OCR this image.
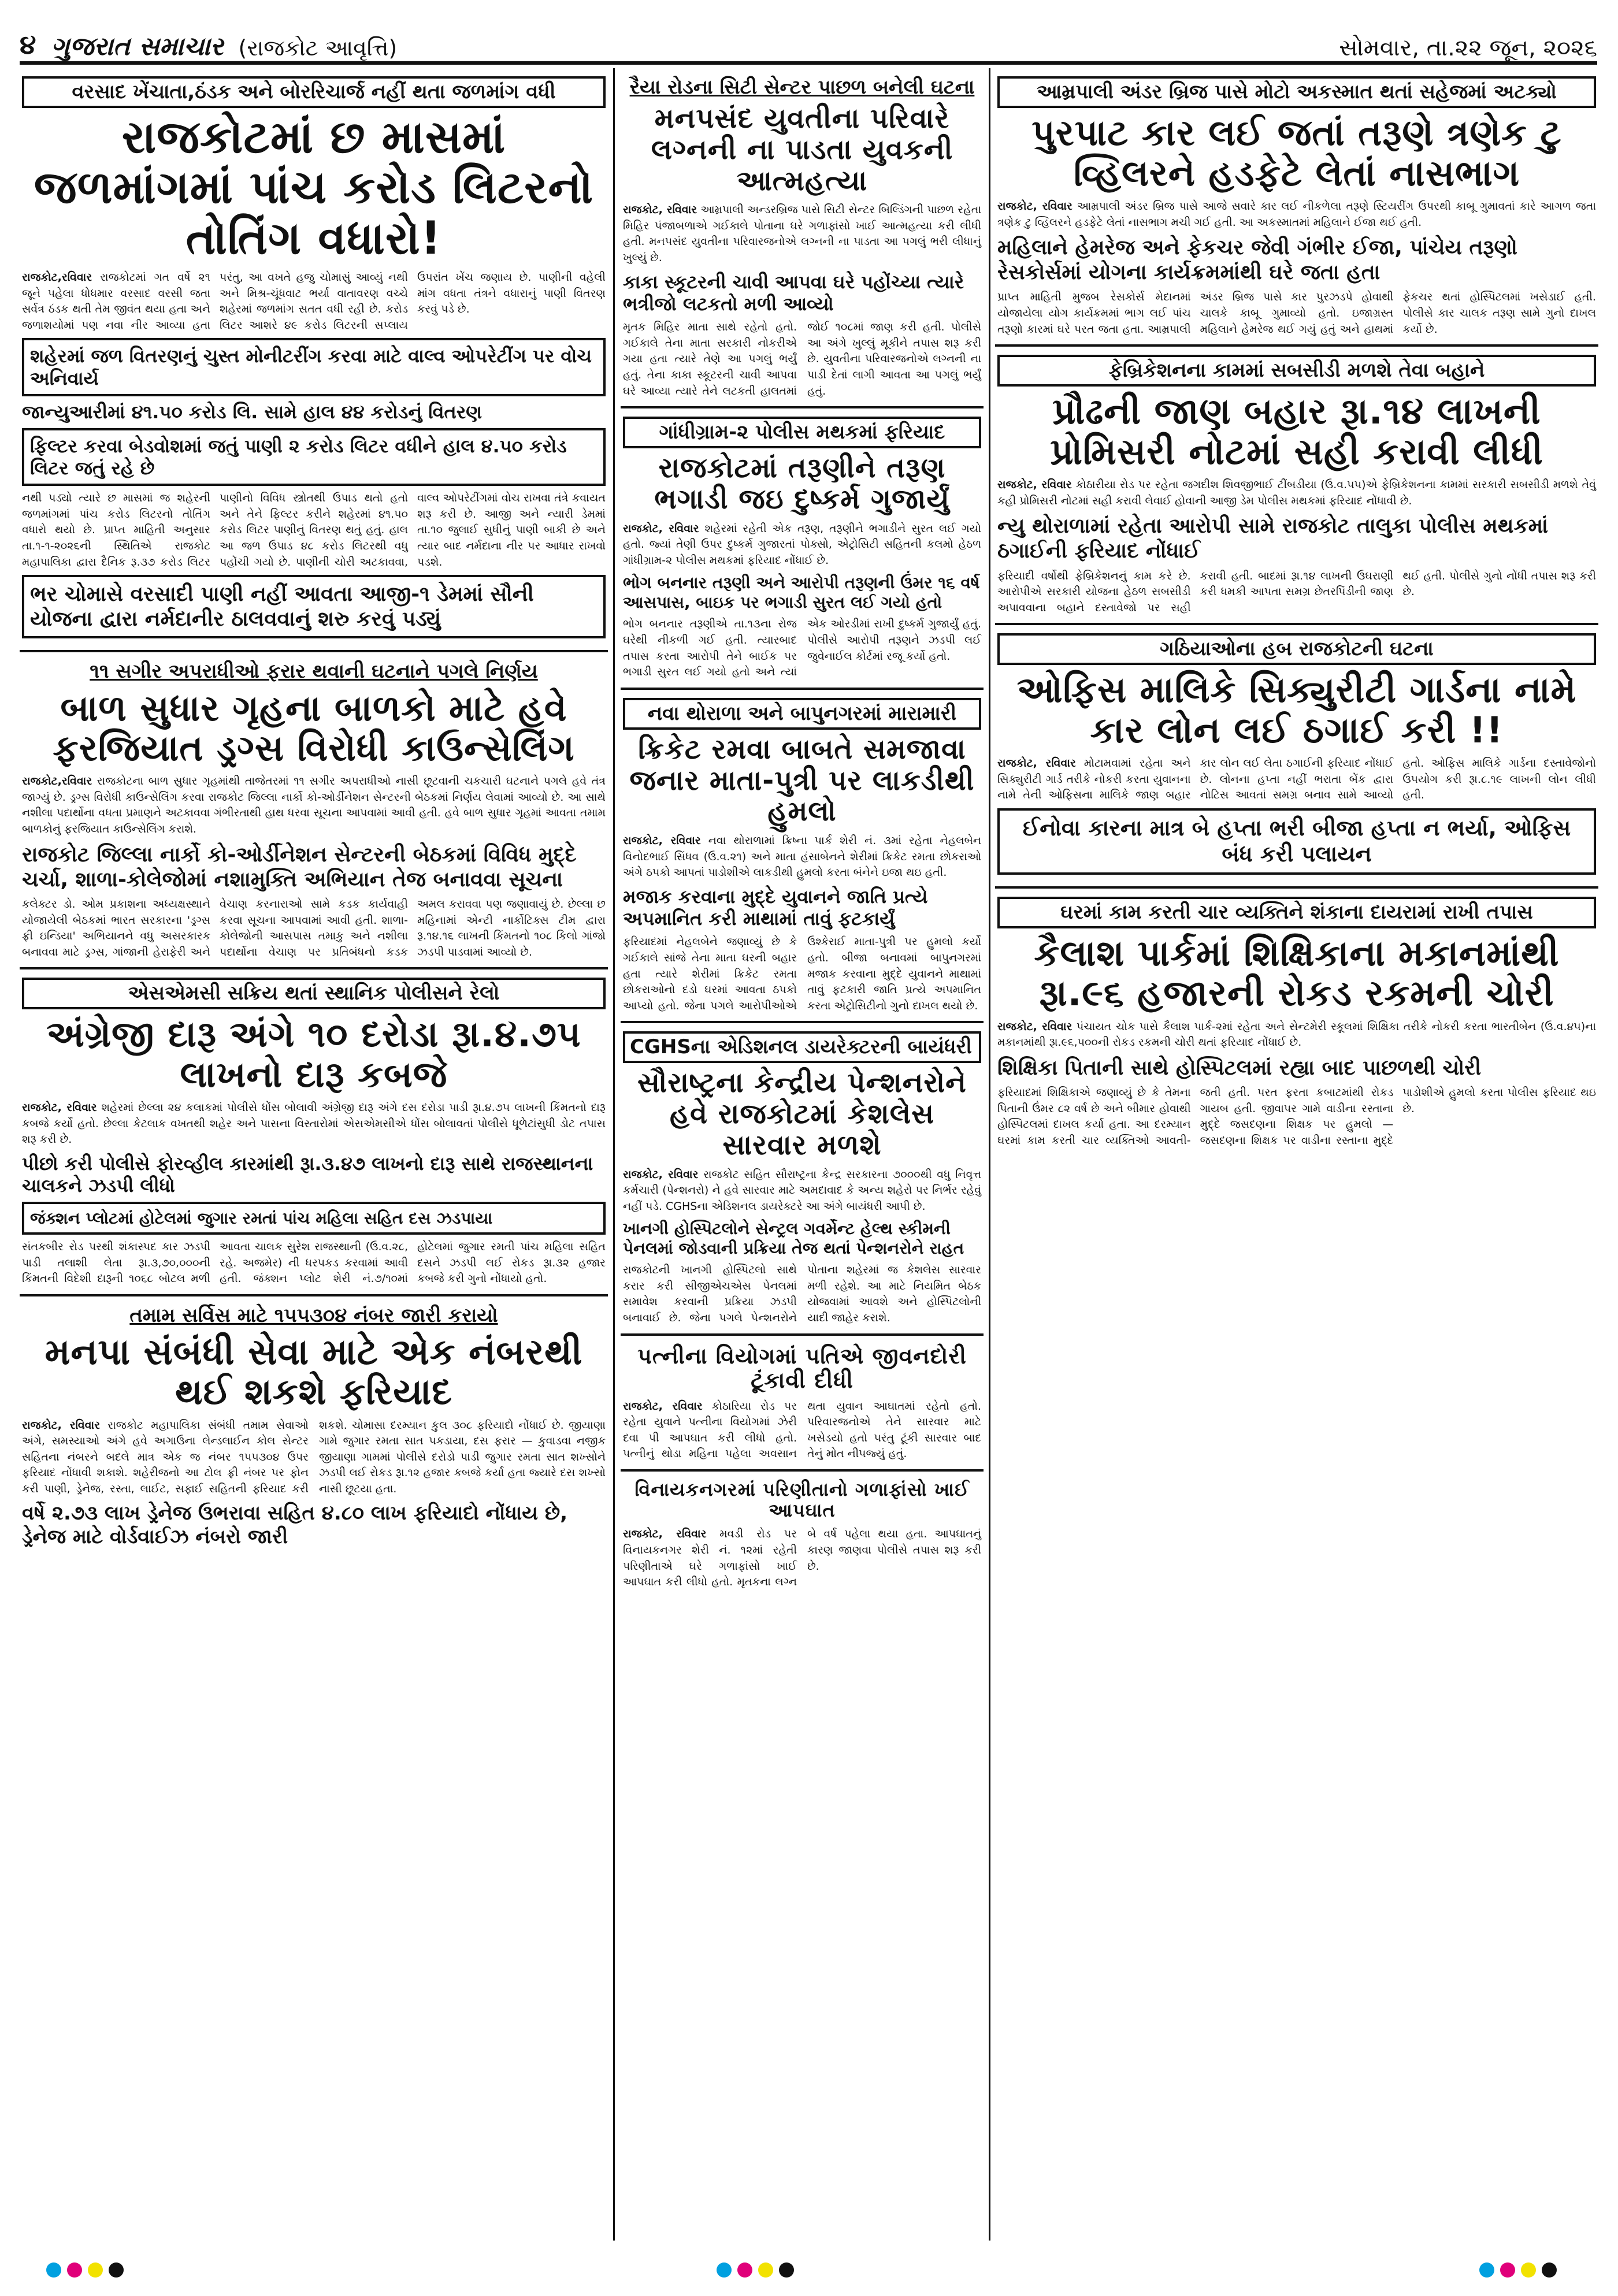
૪ ગુજરાત સમાચાર (રાજકોટ આવૃત્તિ)	સોમવાર, તા.૨૨ જૂન, ૨૦૨૬
વરસાદ ખેંચાતા,ઠંડક અને બોરરિચાર્જ નહીં થતા જળમાંગ વધી
રાજકોટમાં છ માસમાં જળમાંગમાં પાંચ કરોડ લિટરનો તોતિંગ વધારો!
રાજકોટ,રવિવાર રાજકોટમાં ગત વર્ષે ૨૧ જૂને પહેલા ધોધમાર વરસાદ વરસી જતા સર્વત્ર ઠંડક થતી તેમ જીવંત થયા હતા અને જળાશયોમાં પણ નવા નીર આવ્યા હતા પરંતુ, આ વખતે હજુ ચોમાસું આવ્યું નથી અને મિશ્ર-ચૂંધવાટ ભર્યા વાતાવરણ વચ્ચે શહેરમાં જળમાંગ સતત વધી રહી છે. કરોડ લિટર આશરે ૪૯ કરોડ લિટરની સપ્લાય ઉપરાંત ખેંચ જણાય છે. પાણીની વહેલી માંગ વધતા તંત્રને વધારાનું પાણી વિતરણ કરવું પડે છે.
શહેરમાં જળ વિતરણનું ચુસ્ત મોનીટરીંગ કરવા માટે વાલ્વ ઓપરેટીંગ પર વોચ અનિવાર્ય
જાન્યુઆરીમાં ૪૧.૫૦ કરોડ લિ. સામે હાલ ૪૪ કરોડનું વિતરણ
ફિલ્ટર કરવા બેડવોશમાં જતું પાણી ૨ કરોડ લિટર વધીને હાલ ૪.૫૦ કરોડ લિટર જતું રહે છે
નથી પડ્યો ત્યારે છ માસમાં જ શહેરની જળમાંગમાં પાંચ કરોડ લિટરનો તોતિંગ વધારો થયો છે. પ્રાપ્ત માહિતી અનુસાર તા.૧-૧-૨૦૨૬ની સ્થિતિએ રાજકોટ મહાપાલિકા દ્વારા દૈનિક રૂ.૩૭ કરોડ લિટર પાણીનો વિવિધ સ્ત્રોતથી ઉપાડ થતો હતો અને તેને ફિલ્ટર કરીને શહેરમાં ૪૧.૫૦ કરોડ લિટર પાણીનું વિતરણ થતું હતું. હાલ આ જળ ઉપાડ ૪૮ કરોડ લિટરથી વધુ પહોંચી ગયો છે. પાણીની ચોરી અટકાવવા, વાલ્વ ઓપરેટીંગમાં વોચ રાખવા તંત્રે કવાયત શરૂ કરી છે. આજી અને ન્યારી ડેમમાં તા.૧૦ જુલાઈ સુધીનું પાણી બાકી છે અને ત્યાર બાદ નર્મદાના નીર પર આધાર રાખવો પડશે.
ભર ચોમાસે વરસાદી પાણી નહીં આવતા આજી-૧ ડેમમાં સૌની યોજના દ્વારા નર્મદાનીર ઠાલવવાનું શરુ કરવું પડ્યું
૧૧ સગીર અપરાધીઓ ફરાર થવાની ઘટનાને પગલે નિર્ણય
બાળ સુધાર ગૃહના બાળકો માટે હવે ફરજિયાત ડ્રગ્સ વિરોધી કાઉન્સેલિંગ
રાજકોટ,રવિવાર રાજકોટના બાળ સુધાર ગૃહમાંથી તાજેતરમાં ૧૧ સગીર અપરાધીઓ નાસી છૂટવાની ચકચારી ઘટનાને પગલે હવે તંત્ર જાગ્યું છે. ડ્રગ્સ વિરોધી કાઉન્સેલિંગ કરવા રાજકોટ જિલ્લા નાર્કો કો-ઓર્ડીનેશન સેન્ટરની બેઠકમાં નિર્ણય લેવામાં આવ્યો છે. આ સાથે નશીલા પદાર્થોના વધતા પ્રમાણને અટકાવવા ગંભીરતાથી હાથ ધરવા સૂચના આપવામાં આવી હતી. હવે બાળ સુધાર ગૃહમાં આવતા તમામ બાળકોનું ફરજિયાત કાઉન્સેલિંગ કરાશે.
રાજકોટ જિલ્લા નાર્કો કો-ઓર્ડીનેશન સેન્ટરની બેઠકમાં વિવિધ મુદ્દે ચર્ચા, શાળા-કોલેજોમાં નશામુક્તિ અભિયાન તેજ બનાવવા સૂચના
કલેક્ટર ડો. ઓમ પ્રકાશના અધ્યક્ષસ્થાને યોજાયેલી બેઠકમાં ભારત સરકારના 'ડ્રગ્સ ફ્રી ઇન્ડિયા' અભિયાનને વધુ અસરકારક બનાવવા માટે ડ્રગ્સ, ગાંજાની હેરાફેરી અને વેચાણ કરનારાઓ સામે કડક કાર્યવાહી કરવા સૂચના આપવામાં આવી હતી. શાળા-કોલેજોની આસપાસ તમાકુ અને નશીલા પદાર્થોના વેચાણ પર પ્રતિબંધનો કડક અમલ કરાવવા પણ જણાવાયું છે. છેલ્લા છ મહિનામાં એન્ટી નાર્કોટિક્સ ટીમ દ્વારા રૂ.૧૪.૧૬ લાખની કિંમતનો ૧૦૮ કિલો ગાંજો ઝડપી પાડવામાં આવ્યો છે.
એસએમસી સક્રિય થતાં સ્થાનિક પોલીસને રેલો
અંગ્રેજી દારૂ અંગે ૧૦ દરોડા રૂા.૪.૭૫ લાખનો દારૂ કબજે
રાજકોટ, રવિવાર શહેરમાં છેલ્લા ૨૪ કલાકમાં પોલીસે ધોંસ બોલાવી અંગ્રેજી દારૂ અંગે દસ દરોડા પાડી રૂા.૪.૭૫ લાખની કિંમતનો દારૂ કબજે કર્યો હતો. છેલ્લા કેટલાક વખતથી શહેર અને પાસના વિસ્તારોમાં એસએમસીએ ધોંસ બોલાવતાં પોલીસે ધૂળેટાંસુધી ડોટ તપાસ શરૂ કરી છે.
પીછો કરી પોલીસે ફોરવ્હીલ કારમાંથી રૂા.૩.૪૭ લાખનો દારૂ સાથે રાજસ્થાનના ચાલકને ઝડપી લીધો
જંક્શન પ્લોટમાં હોટેલમાં જુગાર રમતાં પાંચ મહિલા સહિત દસ ઝડપાયા
સંતકબીર રોડ પરથી શંકાસ્પદ કાર ઝડપી પાડી તલાશી લેતા રૂા.૩,૭૦,૦૦૦ની કિંમતની વિદેશી દારૂની ૧૦૬૮ બોટલ મળી આવતા ચાલક સુરેશ રાજસ્થાની (ઉ.વ.૨૮, રહે. અજમેર) ની ધરપકડ કરવામાં આવી હતી. જંક્શન પ્લોટ શેરી નં.૭/૧૦માં હોટેલમાં જુગાર રમતી પાંચ મહિલા સહિત દસને ઝડપી લઈ રોકડ રૂા.૩૨ હજાર કબજે કરી ગુનો નોંધાયો હતો.
તમામ સર્વિસ માટે ૧૫૫૩૦૪ નંબર જારી કરાયો
મનપા સંબંધી સેવા માટે એક નંબરથી થઈ શકશે ફરિયાદ
રાજકોટ, રવિવાર રાજકોટ મહાપાલિકા સંબંધી તમામ સેવાઓ અંગે, સમસ્યાઓ અંગે હવે અગાઉના લેન્ડલાઈન કોલ સેન્ટર સહિતના નંબરને બદલે માત્ર એક જ નંબર ૧૫૫૩૦૪ ઉપર ફરિયાદ નોંધાવી શકાશે. શહેરીજનો આ ટોલ ફ્રી નંબર પર ફોન કરી પાણી, ડ્રેનેજ, રસ્તા, લાઈટ, સફાઈ સહિતની ફરિયાદ કરી શકશે. ચોમાસા દરમ્યાન કુલ ૩૦૮ ફરિયાદો નોંધાઈ છે. જીયાણા ગામે જુગાર રમતા સાત પકડાયા, દસ ફરાર — કુવાડવા નજીક જીયાણા ગામમાં પોલીસે દરોડો પાડી જુગાર રમતા સાત શખ્સોને ઝડપી લઈ રોકડ રૂા.૧૨ હજાર કબજે કર્યા હતા જ્યારે દસ શખ્સો નાસી છૂટયા હતા.
વર્ષે ૨.૭૩ લાખ ડ્રેનેજ ઉભરાવા સહિત ૪.૮૦ લાખ ફરિયાદો નોંધાય છે, ડ્રેનેજ માટે વોર્ડવાઈઝ નંબરો જારી
રૈયા રોડના સિટી સેન્ટર પાછળ બનેલી ઘટના
મનપસંદ યુવતીના પરિવારે લગ્નની ના પાડતા યુવકની આત્મહત્યા
રાજકોટ, રવિવાર આમ્રપાલી અન્ડરબ્રિજ પાસે સિટી સેન્ટર બિલ્ડિંગની પાછળ રહેતા મિહિર પંજાબળાએ ગઈકાલે પોતાના ઘરે ગળાફાંસો ખાઈ આત્મહત્યા કરી લીધી હતી. મનપસંદ યુવતીના પરિવારજનોએ લગ્નની ના પાડતા આ પગલું ભરી લીધાનું ખુલ્યું છે.
કાકા સ્કૂટરની ચાવી આપવા ઘરે પહોંચ્યા ત્યારે ભત્રીજો લટકતો મળી આવ્યો
મૃતક મિહિર માતા સાથે રહેતો હતો. ગઈકાલે તેના માતા સરકારી નોકરીએ ગયા હતા ત્યારે તેણે આ પગલું ભર્યું હતું. તેના કાકા સ્કૂટરની ચાવી આપવા ઘરે આવ્યા ત્યારે તેને લટકતી હાલતમાં જોઈ ૧૦૮માં જાણ કરી હતી. પોલીસે આ અંગે ખુલ્લું મૂકીને તપાસ શરૂ કરી છે. યુવતીના પરિવારજનોએ લગ્નની ના પાડી દેતાં લાગી આવતા આ પગલું ભર્યું હતું.
ગાંધીગ્રામ-૨ પોલીસ મથકમાં ફરિયાદ
રાજકોટમાં તરૂણીને તરૂણ ભગાડી જઇ દુષ્કર્મ ગુજાર્યું
રાજકોટ, રવિવાર શહેરમાં રહેતી એક તરૂણ, તરૂણીને ભગાડીને સુરત લઈ ગયો હતો. જ્યાં તેણી ઉપર દુષ્કર્મ ગુજારતાં પોક્સો, એટ્રોસિટી સહિતની કલમો હેઠળ ગાંધીગ્રામ-૨ પોલીસ મથકમાં ફરિયાદ નોંધાઈ છે.
ભોગ બનનાર તરૂણી અને આરોપી તરૂણની ઉંમર ૧૬ વર્ષ આસપાસ, બાઇક પર ભગાડી સુરત લઈ ગયો હતો
ભોગ બનનાર તરૂણીએ તા.૧૩ના રોજ ઘરેથી નીકળી ગઈ હતી. ત્યારબાદ તપાસ કરતા આરોપી તેને બાઈક પર ભગાડી સુરત લઈ ગયો હતો અને ત્યાં એક ઓરડીમાં રાખી દુષ્કર્મ ગુજાર્યું હતું. પોલીસે આરોપી તરૂણને ઝડપી લઈ જુવેનાઈલ કોર્ટમાં રજૂ કર્યો હતો.
નવા થોરાળા અને બાપુનગરમાં મારામારી
ક્રિકેટ રમવા બાબતે સમજાવા જનાર માતા-પુત્રી પર લાકડીથી હુમલો
રાજકોટ, રવિવાર નવા થોરાળામાં ક્રિષ્ના પાર્ક શેરી નં. ૩માં રહેતા નેહલબેન વિનોદભાઈ સિંધવ (ઉ.વ.૨૧) અને માતા હંસાબેનને શેરીમાં ક્રિકેટ રમતા છોકરાઓ અંગે ઠપકો આપતાં પાડોશીએ લાકડીથી હુમલો કરતા બંનેને ઇજા થઇ હતી.
મજાક કરવાના મુદ્દે યુવાનને જાતિ પ્રત્યે અપમાનિત કરી માથામાં તાવું ફટકાર્યું
ફરિયાદમાં નેહલબેને જણાવ્યું છે કે ગઈકાલે સાંજે તેના માતા ઘરની બહાર હતા ત્યારે શેરીમાં ક્રિકેટ રમતા છોકરાઓનો દડો ઘરમાં આવતા ઠપકો આપ્યો હતો. જેના પગલે આરોપીઓએ ઉશ્કેરાઈ માતા-પુત્રી પર હુમલો કર્યો હતો. બીજા બનાવમાં બાપુનગરમાં મજાક કરવાના મુદ્દે યુવાનને માથામાં તાવું ફટકારી જાતિ પ્રત્યે અપમાનિત કરતા એટ્રોસિટીનો ગુનો દાખલ થયો છે.
CGHSના એડિશનલ ડાયરેક્ટરની બાયંધરી
સૌરાષ્ટ્રના કેન્દ્રીય પેન્શનરોને હવે રાજકોટમાં કેશલેસ સારવાર મળશે
રાજકોટ, રવિવાર રાજકોટ સહિત સૌરાષ્ટ્રના કેન્દ્ર સરકારના ૭૦૦૦થી વધુ નિવૃત્ત કર્મચારી (પેન્શનરો) ને હવે સારવાર માટે અમદાવાદ કે અન્ય શહેરો પર નિર્ભર રહેવું નહીં પડે. CGHSના એડિશનલ ડાયરેક્ટરે આ અંગે બાયંધરી આપી છે.
ખાનગી હોસ્પિટલોને સેન્ટ્રલ ગવર્મેન્ટ હેલ્થ સ્કીમની પેનલમાં જોડવાની પ્રક્રિયા તેજ થતાં પેન્શનરોને રાહત
રાજકોટની ખાનગી હોસ્પિટલો સાથે કરાર કરી સીજીએચએસ પેનલમાં સમાવેશ કરવાની પ્રક્રિયા ઝડપી બનાવાઈ છે. જેના પગલે પેન્શનરોને પોતાના શહેરમાં જ કેશલેસ સારવાર મળી રહેશે. આ માટે નિયમિત બેઠક યોજવામાં આવશે અને હોસ્પિટલોની યાદી જાહેર કરાશે.
પત્નીના વિયોગમાં પતિએ જીવનદોરી ટૂંકાવી દીધી
રાજકોટ, રવિવાર કોઠારિયા રોડ પર રહેતા યુવાને પત્નીના વિયોગમાં ઝેરી દવા પી આપઘાત કરી લીધો હતો. પત્નીનું થોડા મહિના પહેલા અવસાન થતા યુવાન આઘાતમાં રહેતો હતો. પરિવારજનોએ તેને સારવાર માટે ખસેડયો હતો પરંતુ ટૂંકી સારવાર બાદ તેનું મોત નીપજ્યું હતું.
વિનાયકનગરમાં પરિણીતાનો ગળાફાંસો ખાઈ આપઘાત
રાજકોટ, રવિવાર મવડી રોડ પર વિનાયકનગર શેરી નં. ૧૨માં રહેતી પરિણીતાએ ઘરે ગળાફાંસો ખાઈ આપઘાત કરી લીધો હતો. મૃતકના લગ્ન બે વર્ષ પહેલા થયા હતા. આપઘાતનું કારણ જાણવા પોલીસે તપાસ શરૂ કરી છે.
આમ્રપાલી અંડર બ્રિજ પાસે મોટો અકસ્માત થતાં સહેજમાં અટક્યો
પુરપાટ કાર લઈ જતાં તરૂણે ત્રણેક ટુ વ્હિલરને હડફેટે લેતાં નાસભાગ
રાજકોટ, રવિવાર આમ્રપાલી અંડર બ્રિજ પાસે આજે સવારે કાર લઈ નીકળેલા તરૂણે સ્ટિયરીંગ ઉપરથી કાબૂ ગુમાવતાં કારે આગળ જતા ત્રણેક ટુ વ્હિલરને હડફેટે લેતાં નાસભાગ મચી ગઈ હતી. આ અકસ્માતમાં મહિલાને ઈજા થઈ હતી.
મહિલાને હેમરેજ અને ફેકચર જેવી ગંભીર ઈજા, પાંચેય તરૂણો રેસકોર્સમાં યોગના કાર્યક્રમમાંથી ઘરે જતા હતા
પ્રાપ્ત માહિતી મુજબ રેસકોર્સ મેદાનમાં યોજાયેલા યોગ કાર્યક્રમમાં ભાગ લઈ પાંચ તરૂણો કારમાં ઘરે પરત જતા હતા. આમ્રપાલી અંડર બ્રિજ પાસે કાર પુરઝડપે હોવાથી ચાલકે કાબૂ ગુમાવ્યો હતો. ઇજાગ્રસ્ત મહિલાને હેમરેજ થઈ ગયું હતું અને હાથમાં ફેકચર થતાં હોસ્પિટલમાં ખસેડાઈ હતી. પોલીસે કાર ચાલક તરૂણ સામે ગુનો દાખલ કર્યો છે.
ફેબ્રિકેશનના કામમાં સબસીડી મળશે તેવા બહાને
પ્રૌઢની જાણ બહાર રૂા.૧૪ લાખની પ્રોમિસરી નોટમાં સહી કરાવી લીધી
રાજકોટ, રવિવાર કોઠારીયા રોડ પર રહેતા જગદીશ શિવજીભાઈ ટીંબડીયા (ઉ.વ.૫૫)એ ફેબ્રિકેશનના કામમાં સરકારી સબસીડી મળશે તેવું કહી પ્રોમિસરી નોટમાં સહી કરાવી લેવાઈ હોવાની આજી ડેમ પોલીસ મથકમાં ફરિયાદ નોંધાવી છે.
ન્યુ થોરાળામાં રહેતા આરોપી સામે રાજકોટ તાલુકા પોલીસ મથકમાં ઠગાઈની ફરિયાદ નોંધાઈ
ફરિયાદી વર્ષોથી ફેબ્રિકેશનનું કામ કરે છે. આરોપીએ સરકારી યોજના હેઠળ સબસીડી અપાવવાના બહાને દસ્તાવેજો પર સહી કરાવી હતી. બાદમાં રૂા.૧૪ લાખની ઉઘરાણી કરી ધમકી આપતા સમગ્ર છેતરપિંડીની જાણ થઈ હતી. પોલીસે ગુનો નોંધી તપાસ શરૂ કરી છે.
ગઠિયાઓના હબ રાજકોટની ઘટના
ઓફિસ માલિકે સિક્યુરીટી ગાર્ડના નામે કાર લોન લઈ ઠગાઈ કરી !!
રાજકોટ, રવિવાર મોટામવામાં રહેતા અને સિક્યુરીટી ગાર્ડ તરીકે નોકરી કરતા યુવાનના નામે તેની ઓફિસના માલિકે જાણ બહાર કાર લોન લઈ લેતા ઠગાઈની ફરિયાદ નોંધાઈ છે. લોનના હપ્તા નહીં ભરાતા બેંક દ્વારા નોટિસ આવતાં સમગ્ર બનાવ સામે આવ્યો હતો. ઓફિસ માલિકે ગાર્ડના દસ્તાવેજોનો ઉપયોગ કરી રૂા.૮.૧૯ લાખની લોન લીધી હતી.
ઈનોવા કારના માત્ર બે હપ્તા ભરી બીજા હપ્તા ન ભર્યા, ઓફિસ બંધ કરી પલાયન
ઘરમાં કામ કરતી ચાર વ્યક્તિને શંકાના દાયરામાં રાખી તપાસ
કૈલાશ પાર્કમાં શિક્ષિકાના મકાનમાંથી રૂા.૯૬ હજારની રોકડ રકમની ચોરી
રાજકોટ, રવિવાર પંચાયત ચોક પાસે કૈલાશ પાર્ક-૨માં રહેતા અને સેન્ટમેરી સ્કૂલમાં શિક્ષિકા તરીકે નોકરી કરતા ભારતીબેન (ઉ.વ.૪૫)ના મકાનમાંથી રૂા.૯૬,૫૦૦ની રોકડ રકમની ચોરી થતાં ફરિયાદ નોંધાઈ છે.
શિક્ષિકા પિતાની સાથે હોસ્પિટલમાં રહ્યા બાદ પાછળથી ચોરી
ફરિયાદમાં શિક્ષિકાએ જણાવ્યું છે કે તેમના પિતાની ઉંમર ૮૨ વર્ષ છે અને બીમાર હોવાથી હોસ્પિટલમાં દાખલ કર્યા હતા. આ દરમ્યાન ઘરમાં કામ કરતી ચાર વ્યક્તિઓ આવતી-જતી હતી. પરત ફરતા કબાટમાંથી રોકડ ગાયબ હતી. જીવાપર ગામે વાડીના રસ્તાના મુદ્દે જસદણના શિક્ષક પર હુમલો — જસદણના શિક્ષક પર વાડીના રસ્તાના મુદ્દે પાડોશીએ હુમલો કરતા પોલીસ ફરિયાદ થઇ છે.
